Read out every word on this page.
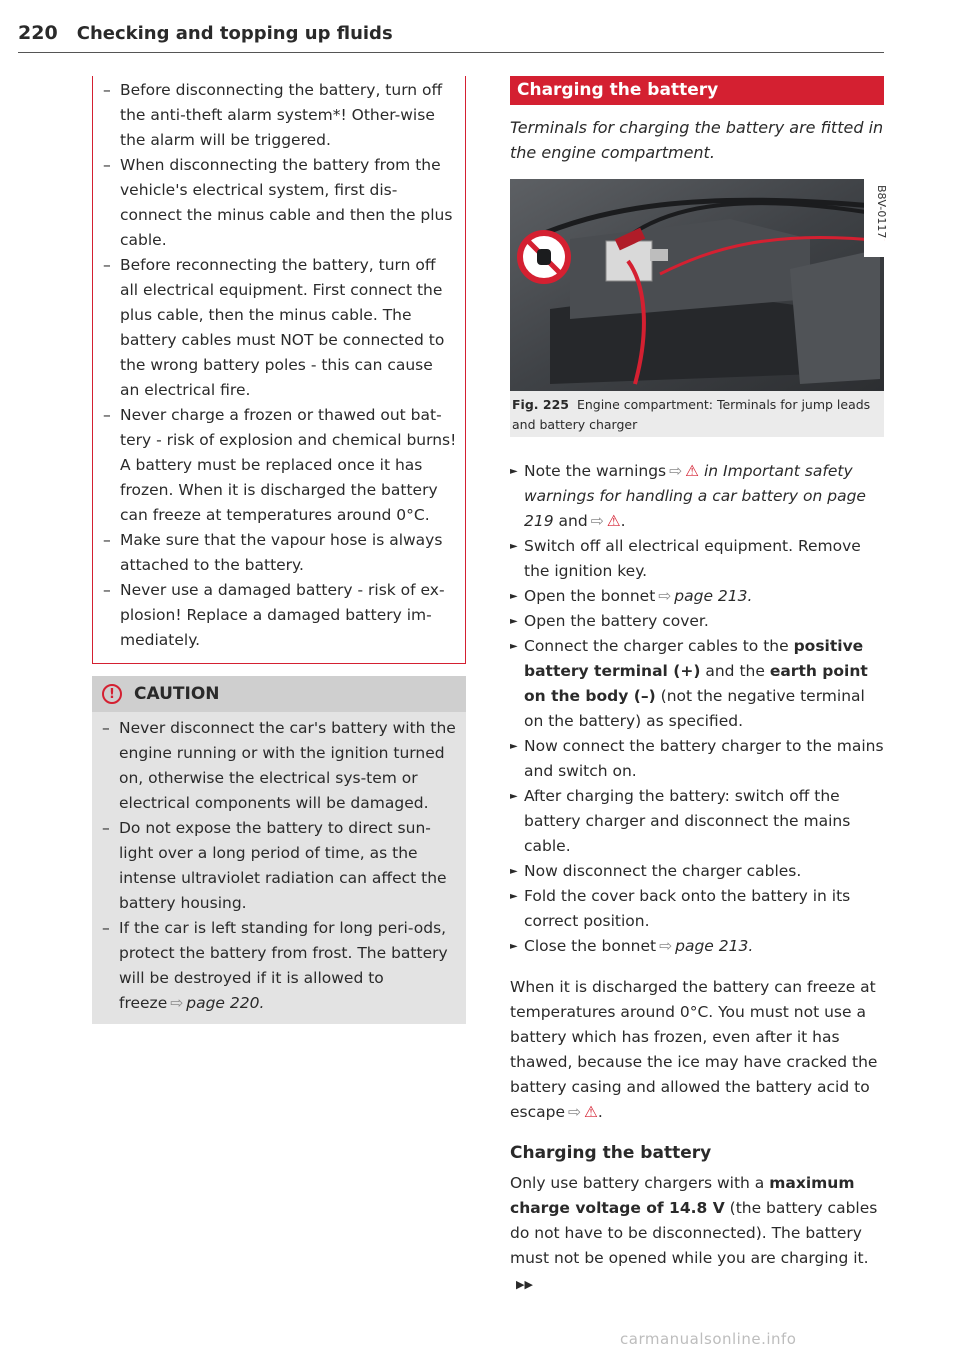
220 Checking and topping up fluids
– Before disconnecting the battery, turn off the anti-theft alarm system*! Other-wise the alarm will be triggered.
– When disconnecting the battery from the vehicle's electrical system, first dis-connect the minus cable and then the plus cable.
– Before reconnecting the battery, turn off all electrical equipment. First connect the plus cable, then the minus cable. The battery cables must NOT be connected to the wrong battery poles - this can cause an electrical fire.
– Never charge a frozen or thawed out bat-tery - risk of explosion and chemical burns! A battery must be replaced once it has frozen. When it is discharged the battery can freeze at temperatures around 0°C.
– Make sure that the vapour hose is always attached to the battery.
– Never use a damaged battery - risk of ex-plosion! Replace a damaged battery im-mediately.
!	CAUTION
– Never disconnect the car's battery with the engine running or with the ignition turned on, otherwise the electrical sys-tem or electrical components will be damaged.
– Do not expose the battery to direct sun-light over a long period of time, as the intense ultraviolet radiation can affect the battery housing.
– If the car is left standing for long peri-ods, protect the battery from frost. The battery will be destroyed if it is allowed to freeze ⇨ page 220.
Charging the battery
Terminals for charging the battery are fitted in the engine compartment.
B8V-0117
Fig. 225 Engine compartment: Terminals for jump leads and battery charger
► Note the warnings ⇨ ⚠ in Important safety warnings for handling a car battery on page 219 and ⇨ ⚠.
► Switch off all electrical equipment. Remove the ignition key.
► Open the bonnet ⇨ page 213.
► Open the battery cover.
► Connect the charger cables to the positive battery terminal (+) and the earth point on the body (–) (not the negative terminal on the battery) as specified.
► Now connect the battery charger to the mains and switch on.
► After charging the battery: switch off the battery charger and disconnect the mains cable.
► Now disconnect the charger cables.
► Fold the cover back onto the battery in its correct position.
► Close the bonnet ⇨ page 213.
When it is discharged the battery can freeze at temperatures around 0°C. You must not use a battery which has frozen, even after it has thawed, because the ice may have cracked the battery casing and allowed the battery acid to escape ⇨ ⚠.
Charging the battery
Only use battery chargers with a maximum charge voltage of 14.8 V (the battery cables do not have to be disconnected). The battery must not be opened while you are charging it. ▶▶
carmanualsonline.info
